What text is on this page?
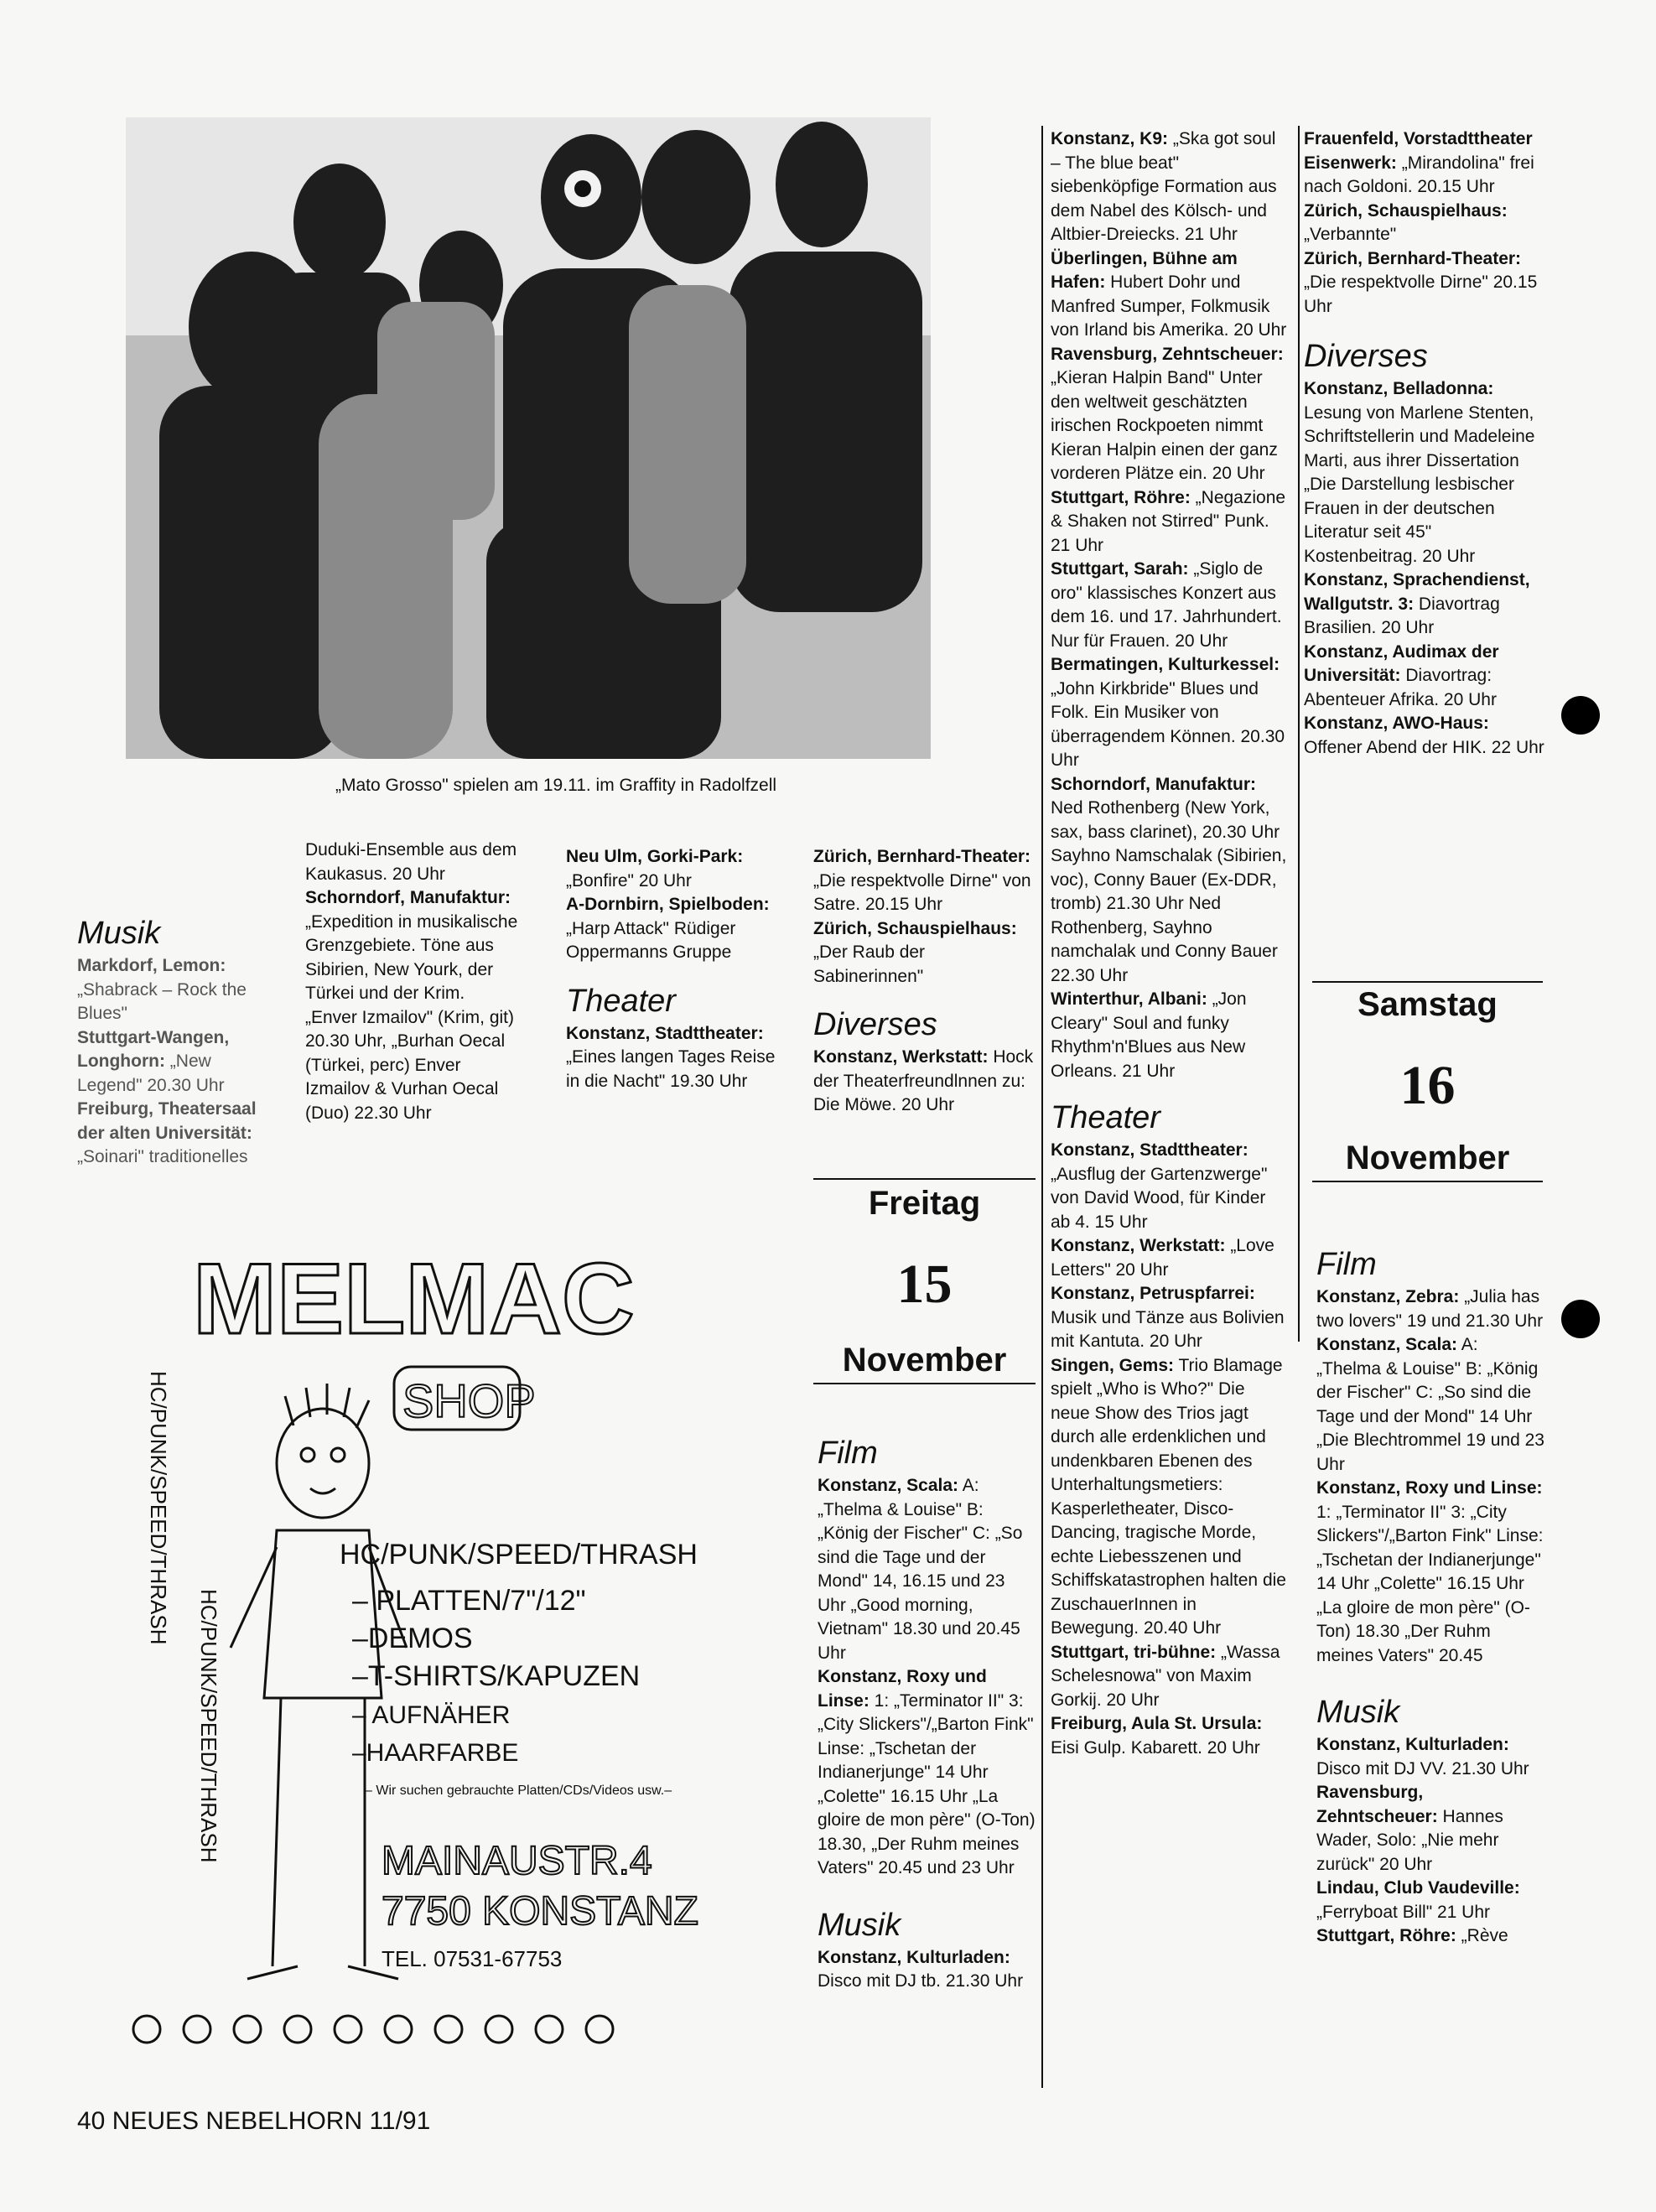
„Mato Grosso" spielen am 19.11. im Graffity in Radolfzell
Musik

Markdorf, Lemon: „Shabrack – Rock the Blues"

Stuttgart-Wangen, Longhorn: „New Legend" 20.30 Uhr

Freiburg, Theatersaal der alten Universität: „Soinari" traditionelles

Duduki-Ensemble aus dem Kaukasus. 20 Uhr

Schorndorf, Manufaktur: „Expedition in musikalische Grenzgebiete. Töne aus Sibirien, New Yourk, der Türkei und der Krim. „Enver Izmailov" (Krim, git) 20.30 Uhr, „Burhan Oecal (Türkei, perc) Enver Izmailov & Vurhan Oecal (Duo) 22.30 Uhr

Neu Ulm, Gorki-Park: „Bonfire" 20 Uhr

A-Dornbirn, Spielboden: „Harp Attack" Rüdiger Oppermanns Gruppe

Theater

Konstanz, Stadttheater: „Eines langen Tages Reise in die Nacht" 19.30 Uhr

Zürich, Bernhard-Theater: „Die respektvolle Dirne" von Satre. 20.15 Uhr

Zürich, Schauspielhaus: „Der Raub der Sabinerinnen"

Diverses

Konstanz, Werkstatt: Hock der Theaterfreundlnnen zu: Die Möwe. 20 Uhr

Freitag
15
November
Film

Konstanz, Scala: A: „Thelma & Louise" B: „König der Fischer" C: „So sind die Tage und der Mond" 14, 16.15 und 23 Uhr „Good morning, Vietnam" 18.30 und 20.45 Uhr

Konstanz, Roxy und Linse: 1: „Terminator II" 3: „City Slickers"/„Barton Fink" Linse: „Tschetan der Indianerjunge" 14 Uhr „Colette" 16.15 Uhr „La gloire de mon père" (O-Ton) 18.30, „Der Ruhm meines Vaters" 20.45 und 23 Uhr

Musik

Konstanz, Kulturladen: Disco mit DJ tb. 21.30 Uhr

Konstanz, K9: „Ska got soul – The blue beat" siebenköpfige Formation aus dem Nabel des Kölsch- und Altbier-Dreiecks. 21 Uhr

Überlingen, Bühne am Hafen: Hubert Dohr und Manfred Sumper, Folkmusik von Irland bis Amerika. 20 Uhr

Ravensburg, Zehntscheuer: „Kieran Halpin Band" Unter den weltweit geschätzten irischen Rockpoeten nimmt Kieran Halpin einen der ganz vorderen Plätze ein. 20 Uhr

Stuttgart, Röhre: „Negazione & Shaken not Stirred" Punk. 21 Uhr

Stuttgart, Sarah: „Siglo de oro" klassisches Konzert aus dem 16. und 17. Jahrhundert. Nur für Frauen. 20 Uhr

Bermatingen, Kulturkessel: „John Kirkbride" Blues und Folk. Ein Musiker von überragendem Können. 20.30 Uhr

Schorndorf, Manufaktur: Ned Rothenberg (New York, sax, bass clarinet), 20.30 Uhr Sayhno Namschalak (Sibirien, voc), Conny Bauer (Ex-DDR, tromb) 21.30 Uhr Ned Rothenberg, Sayhno namchalak und Conny Bauer 22.30 Uhr

Winterthur, Albani: „Jon Cleary" Soul and funky Rhythm'n'Blues aus New Orleans. 21 Uhr

Theater

Konstanz, Stadttheater: „Ausflug der Gartenzwerge" von David Wood, für Kinder ab 4. 15 Uhr

Konstanz, Werkstatt: „Love Letters" 20 Uhr

Konstanz, Petruspfarrei: Musik und Tänze aus Bolivien mit Kantuta. 20 Uhr

Singen, Gems: Trio Blamage spielt „Who is Who?" Die neue Show des Trios jagt durch alle erdenklichen und undenkbaren Ebenen des Unterhaltungsmetiers: Kasperletheater, Disco-Dancing, tragische Morde, echte Liebesszenen und Schiffskatastrophen halten die ZuschauerInnen in Bewegung. 20.40 Uhr

Stuttgart, tri-bühne: „Wassa Schelesnowa" von Maxim Gorkij. 20 Uhr

Freiburg, Aula St. Ursula: Eisi Gulp. Kabarett. 20 Uhr

Frauenfeld, Vorstadttheater Eisenwerk: „Mirandolina" frei nach Goldoni. 20.15 Uhr

Zürich, Schauspielhaus: „Verbannte"

Zürich, Bernhard-Theater: „Die respektvolle Dirne" 20.15 Uhr

Diverses

Konstanz, Belladonna: Lesung von Marlene Stenten, Schriftstellerin und Madeleine Marti, aus ihrer Dissertation „Die Darstellung lesbischer Frauen in der deutschen Literatur seit 45" Kostenbeitrag. 20 Uhr

Konstanz, Sprachendienst, Wallgutstr. 3: Diavortrag Brasilien. 20 Uhr

Konstanz, Audimax der Universität: Diavortrag: Abenteuer Afrika. 20 Uhr

Konstanz, AWO-Haus: Offener Abend der HIK. 22 Uhr

Samstag
16
November
Film

Konstanz, Zebra: „Julia has two lovers" 19 und 21.30 Uhr

Konstanz, Scala: A: „Thelma & Louise" B: „König der Fischer" C: „So sind die Tage und der Mond" 14 Uhr „Die Blechtrommel 19 und 23 Uhr

Konstanz, Roxy und Linse: 1: „Terminator II" 3: „City Slickers"/„Barton Fink" Linse: „Tschetan der Indianerjunge" 14 Uhr „Colette" 16.15 Uhr „La gloire de mon père" (O-Ton) 18.30 „Der Ruhm meines Vaters" 20.45

Musik

Konstanz, Kulturladen: Disco mit DJ VV. 21.30 Uhr

Ravensburg, Zehntscheuer: Hannes Wader, Solo: „Nie mehr zurück" 20 Uhr

Lindau, Club Vaudeville: „Ferryboat Bill" 21 Uhr

Stuttgart, Röhre: „Rève

MELMAC
SHOP
HC/PUNK/SPEED/THRASH
– PLATTEN/7"/12"
–DEMOS
–T-SHIRTS/KAPUZEN
– AUFNÄHER
–HAARFARBE
– Wir suchen gebrauchte Platten/CDs/Videos usw.–
MAINAUSTR.4
7750 KONSTANZ
TEL. 07531-67753
HC/PUNK/SPEED/THRASH
HC/PUNK/SPEED/THRASH
40 NEUES NEBELHORN 11/91
